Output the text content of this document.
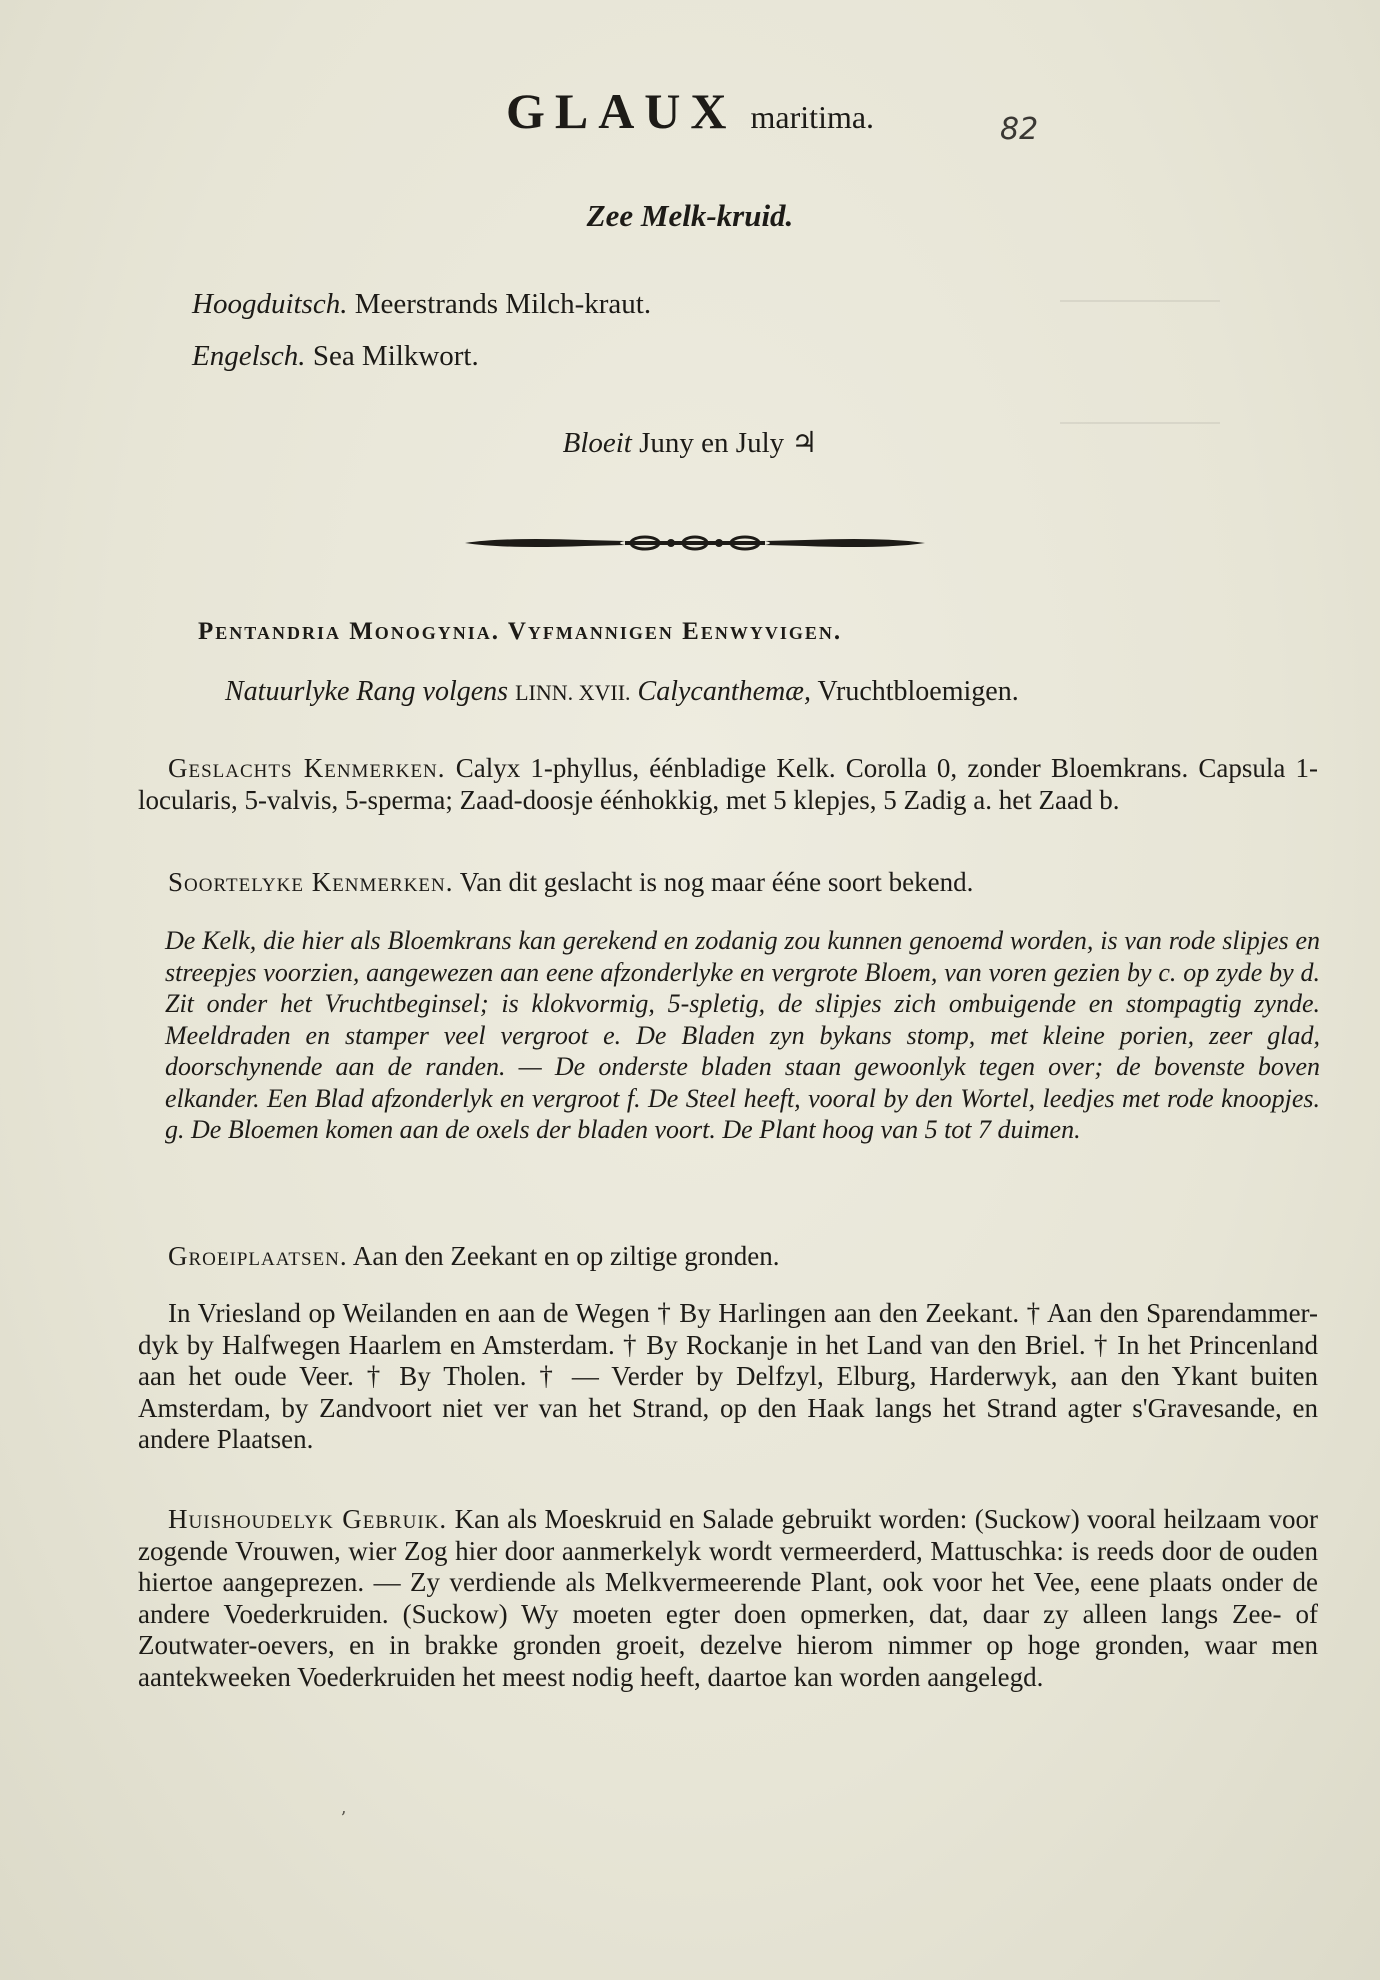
GLAUX maritima.	82
Zee Melk-kruid.
Hoogduitsch. Meerstrands Milch-kraut.
Engelsch. Sea Milkwort.
Bloeit Juny en July ♃
Pentandria Monogynia. Vyfmannigen Eenwyvigen.
Natuurlyke Rang volgens LINN. XVII. Calycanthemæ, Vruchtbloemigen.
Geslachts Kenmerken. Calyx 1-phyllus, éénbladige Kelk. Corolla 0, zonder Bloemkrans. Capsula 1-locularis, 5-valvis, 5-sperma; Zaad-doosje éénhokkig, met 5 klepjes, 5 Zadig a. het Zaad b.
Soortelyke Kenmerken. Van dit geslacht is nog maar ééne soort bekend.
De Kelk, die hier als Bloemkrans kan gerekend en zodanig zou kunnen genoemd worden, is van rode slipjes en streepjes voorzien, aangewezen aan eene afzonderlyke en vergrote Bloem, van voren gezien by c. op zyde by d. Zit onder het Vruchtbeginsel; is klokvormig, 5-spletig, de slipjes zich ombuigende en stompagtig zynde. Meeldraden en stamper veel vergroot e. De Bladen zyn bykans stomp, met kleine porien, zeer glad, doorschynende aan de randen. — De onderste bladen staan gewoonlyk tegen over; de bovenste boven elkander. Een Blad afzonderlyk en vergroot f. De Steel heeft, vooral by den Wortel, leedjes met rode knoopjes. g. De Bloemen komen aan de oxels der bladen voort. De Plant hoog van 5 tot 7 duimen.
Groeiplaatsen. Aan den Zeekant en op ziltige gronden.
In Vriesland op Weilanden en aan de Wegen † By Harlingen aan den Zeekant. † Aan den Sparendammer-dyk by Halfwegen Haarlem en Amsterdam. † By Rockanje in het Land van den Briel. † In het Princenland aan het oude Veer. † By Tholen. † — Verder by Delfzyl, Elburg, Harderwyk, aan den Ykant buiten Amsterdam, by Zandvoort niet ver van het Strand, op den Haak langs het Strand agter s'Gravesande, en andere Plaatsen.
Huishoudelyk Gebruik. Kan als Moeskruid en Salade gebruikt worden: (Suckow) vooral heilzaam voor zogende Vrouwen, wier Zog hier door aanmerkelyk wordt vermeerderd, Mattuschka: is reeds door de ouden hiertoe aangeprezen. — Zy verdiende als Melkvermeerende Plant, ook voor het Vee, eene plaats onder de andere Voederkruiden. (Suckow) Wy moeten egter doen opmerken, dat, daar zy alleen langs Zee- of Zoutwater-oevers, en in brakke gronden groeit, dezelve hierom nimmer op hoge gronden, waar men aantekweeken Voederkruiden het meest nodig heeft, daartoe kan worden aangelegd.
ʼ
